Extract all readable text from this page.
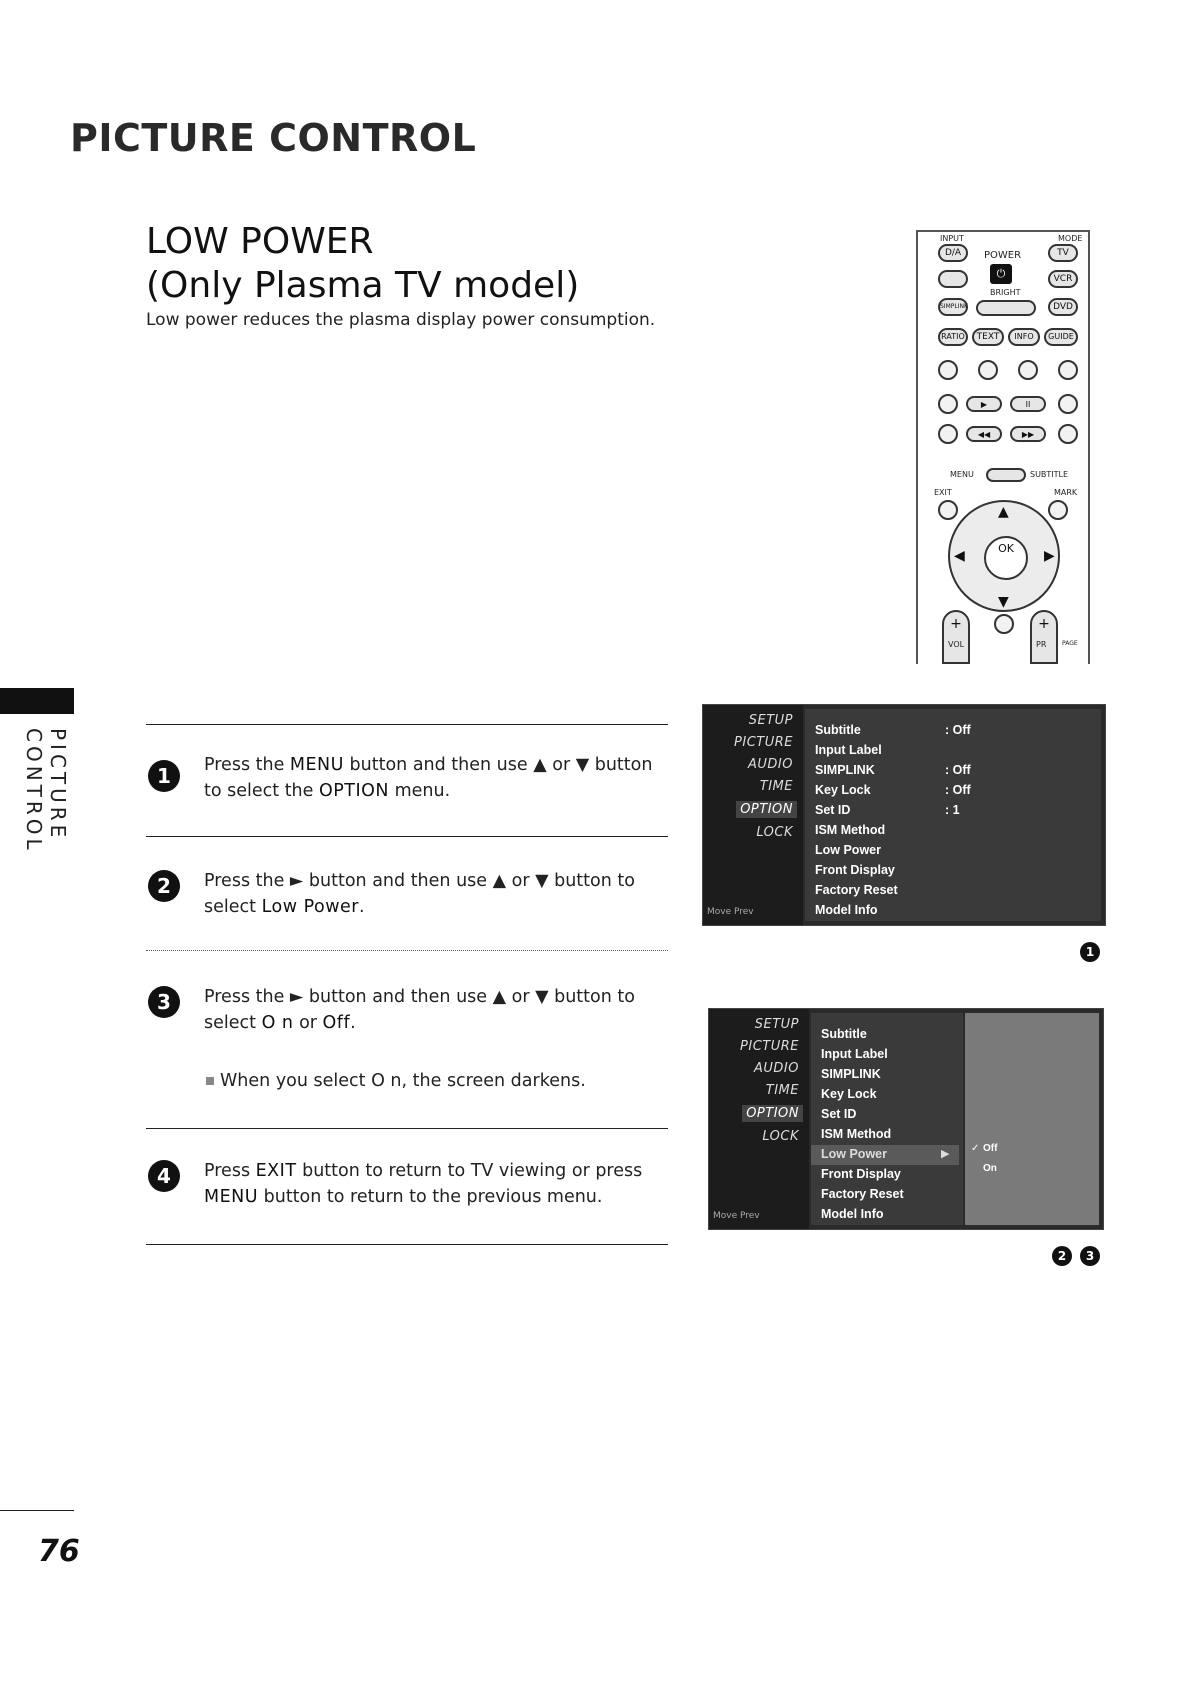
PICTURE CONTROL
PICTURE CONTROL
LOW POWER
(Only Plasma TV model)
Low power reduces the plasma display power consumption.
INPUT	MODE
D/A	POWER	TV
⏻	VCR
BRIGHT
SIMPLINK	DVD
RATIO	TEXT	INFO	GUIDE
▶	II
◀◀	▶▶
MENU	SUBTITLE
EXIT	MARK
▲
▼
◀	▶
OK
+
VOL
+
PR	PAGE
1	Press the MENU button and then use ▲ or ▼ button to select the OPTION menu.
2	Press the ► button and then use ▲ or ▼ button to select Low Power.
3	Press the ► button and then use ▲ or ▼ button to select O n or Off.
When you select O n, the screen darkens.
4	Press EXIT button to return to TV viewing or press MENU button to return to the previous menu.
SETUP
PICTURE
AUDIO
TIME
OPTION
LOCK
Move Prev
Subtitle	: Off
Input Label
SIMPLINK	: Off
Key Lock	: Off
Set ID	: 1
ISM Method
Low Power
Front Display
Factory Reset
Model Info
1
SETUP
PICTURE
AUDIO
TIME
OPTION
LOCK
Move Prev
Subtitle
Input Label
SIMPLINK
Key Lock
Set ID
ISM Method
Low Power	▶
Front Display
Factory Reset
Model Info
✓ Off
On
2	3
76
